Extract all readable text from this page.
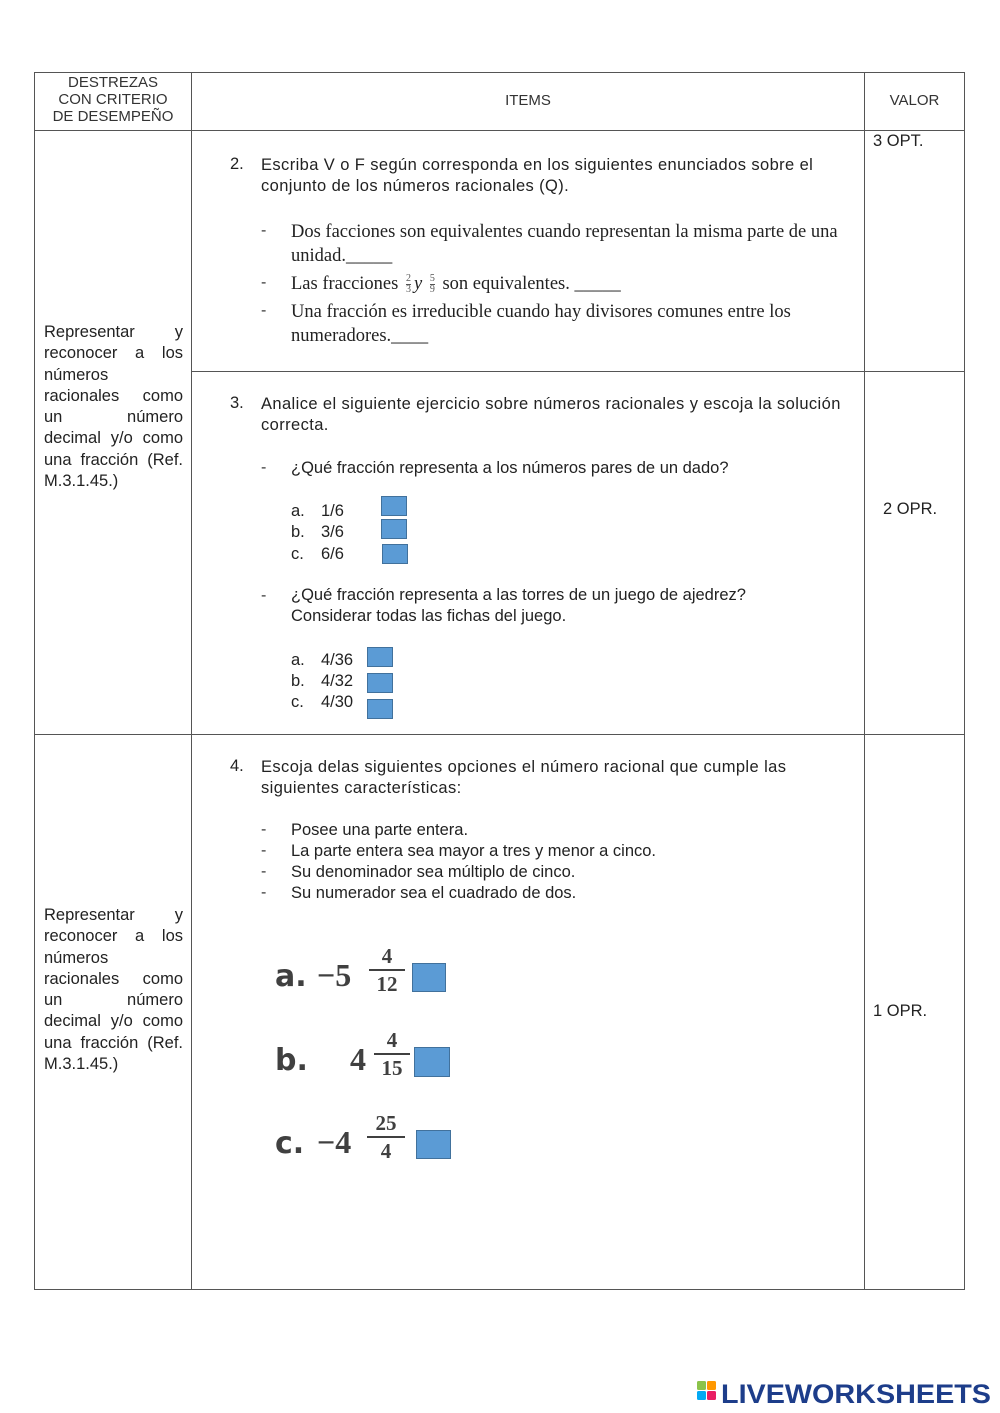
DESTREZAS
CON CRITERIO
DE DESEMPEÑO
ITEMS	VALOR
Representar y reconocer a los números racionales como un número decimal y/o como una fracción (Ref. M.3.1.45.)
Representar y reconocer a los números racionales como un número decimal y/o como una fracción (Ref. M.3.1.45.)
2. Escriba V o F según corresponda en los siguientes enunciados sobre el conjunto de los números racionales (Q).
- Dos facciones son equivalentes cuando representan la misma parte de una unidad._____
- Las fracciones $\frac{2}{3}$ y $\frac{5}{9}$ son equivalentes. _____
- Una fracción es irreducible cuando hay divisores comunes entre los numeradores.____
3 OPT.
3. Analice el siguiente ejercicio sobre números racionales y escoja la solución correcta.
- ¿Qué fracción representa a los números pares de un dado?
a. 1/6
b. 3/6
c. 6/6
- ¿Qué fracción representa a las torres de un juego de ajedrez? Considerar todas las fichas del juego.
a. 4/36
b. 4/32
c. 4/30
2 OPR.
4. Escoja delas siguientes opciones el número racional que cumple las siguientes características:
- Posee una parte entera.
- La parte entera sea mayor a tres y menor a cinco.
- Su denominador sea múltiplo de cinco.
- Su numerador sea el cuadrado de dos.
a. −5
4
12
b. 4
4
15
c. −4
25
4
1 OPR.
LIVEWORKSHEETS
